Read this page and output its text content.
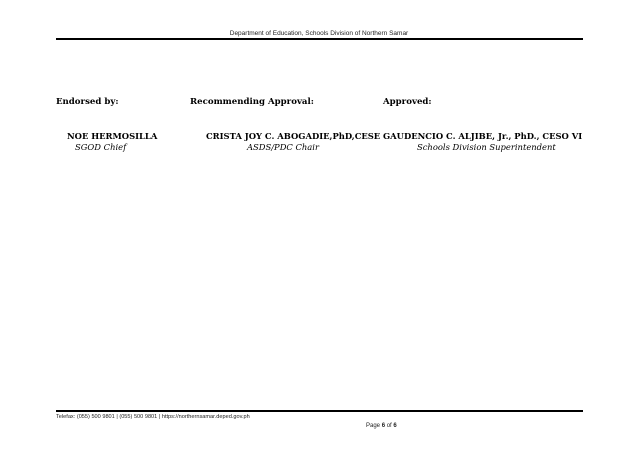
Department of Education, Schools Division of Northern Samar
Endorsed by:
NOE HERMOSILLA
SGOD Chief
Recommending Approval:
CRISTA JOY C. ABOGADIE,PhD,CESE
ASDS/PDC Chair
Approved:
GAUDENCIO C. ALJIBE, Jr., PhD., CESO VI
Schools Division Superintendent
Telefax: (055) 500 9801 | (055) 500 9801 | https://northernsamar.deped.gov.ph
Page 6 of 6
